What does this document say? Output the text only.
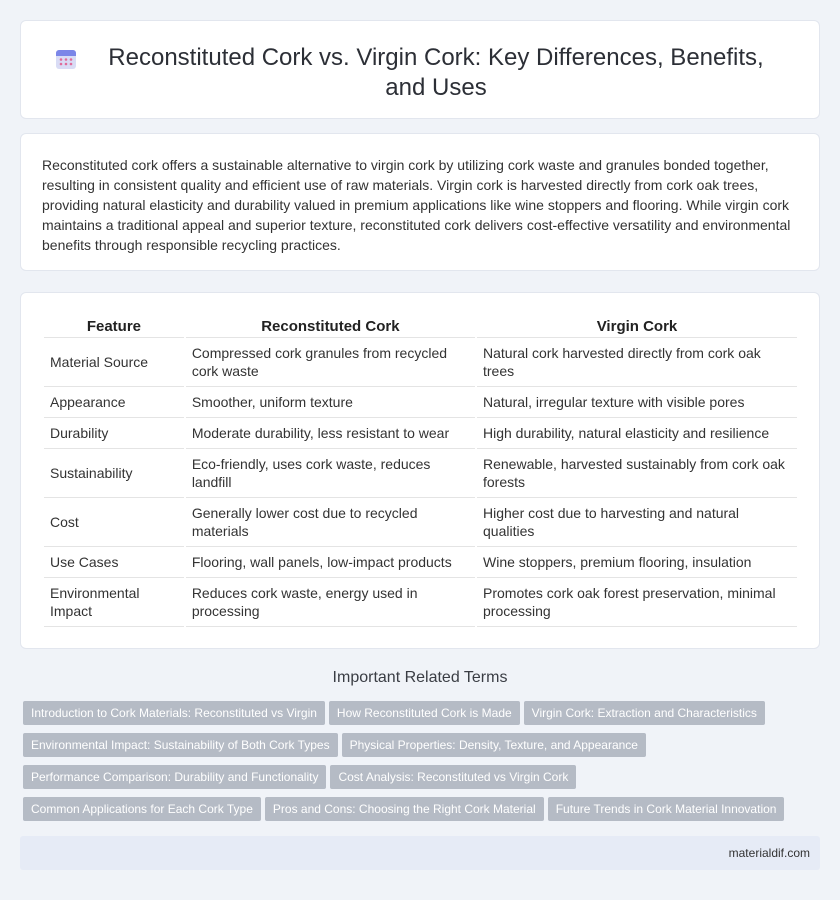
Reconstituted Cork vs. Virgin Cork: Key Differences, Benefits, and Uses

Reconstituted cork offers a sustainable alternative to virgin cork by utilizing cork waste and granules bonded together, resulting in consistent quality and efficient use of raw materials. Virgin cork is harvested directly from cork oak trees, providing natural elasticity and durability valued in premium applications like wine stoppers and flooring. While virgin cork maintains a traditional appeal and superior texture, reconstituted cork delivers cost-effective versatility and environmental benefits through responsible recycling practices.

Feature	Reconstituted Cork	Virgin Cork
Material Source	Compressed cork granules from recycled cork waste	Natural cork harvested directly from cork oak trees
Appearance	Smoother, uniform texture	Natural, irregular texture with visible pores
Durability	Moderate durability, less resistant to wear	High durability, natural elasticity and resilience
Sustainability	Eco-friendly, uses cork waste, reduces landfill	Renewable, harvested sustainably from cork oak forests
Cost	Generally lower cost due to recycled materials	Higher cost due to harvesting and natural qualities
Use Cases	Flooring, wall panels, low-impact products	Wine stoppers, premium flooring, insulation
Environmental Impact	Reduces cork waste, energy used in processing	Promotes cork oak forest preservation, minimal processing
Important Related Terms
Introduction to Cork Materials: Reconstituted vs Virgin How Reconstituted Cork is Made Virgin Cork: Extraction and CharacteristicsEnvironmental Impact: Sustainability of Both Cork Types Physical Properties: Density, Texture, and AppearancePerformance Comparison: Durability and Functionality Cost Analysis: Reconstituted vs Virgin CorkCommon Applications for Each Cork Type Pros and Cons: Choosing the Right Cork Material Future Trends in Cork Material Innovation
materialdif.com
